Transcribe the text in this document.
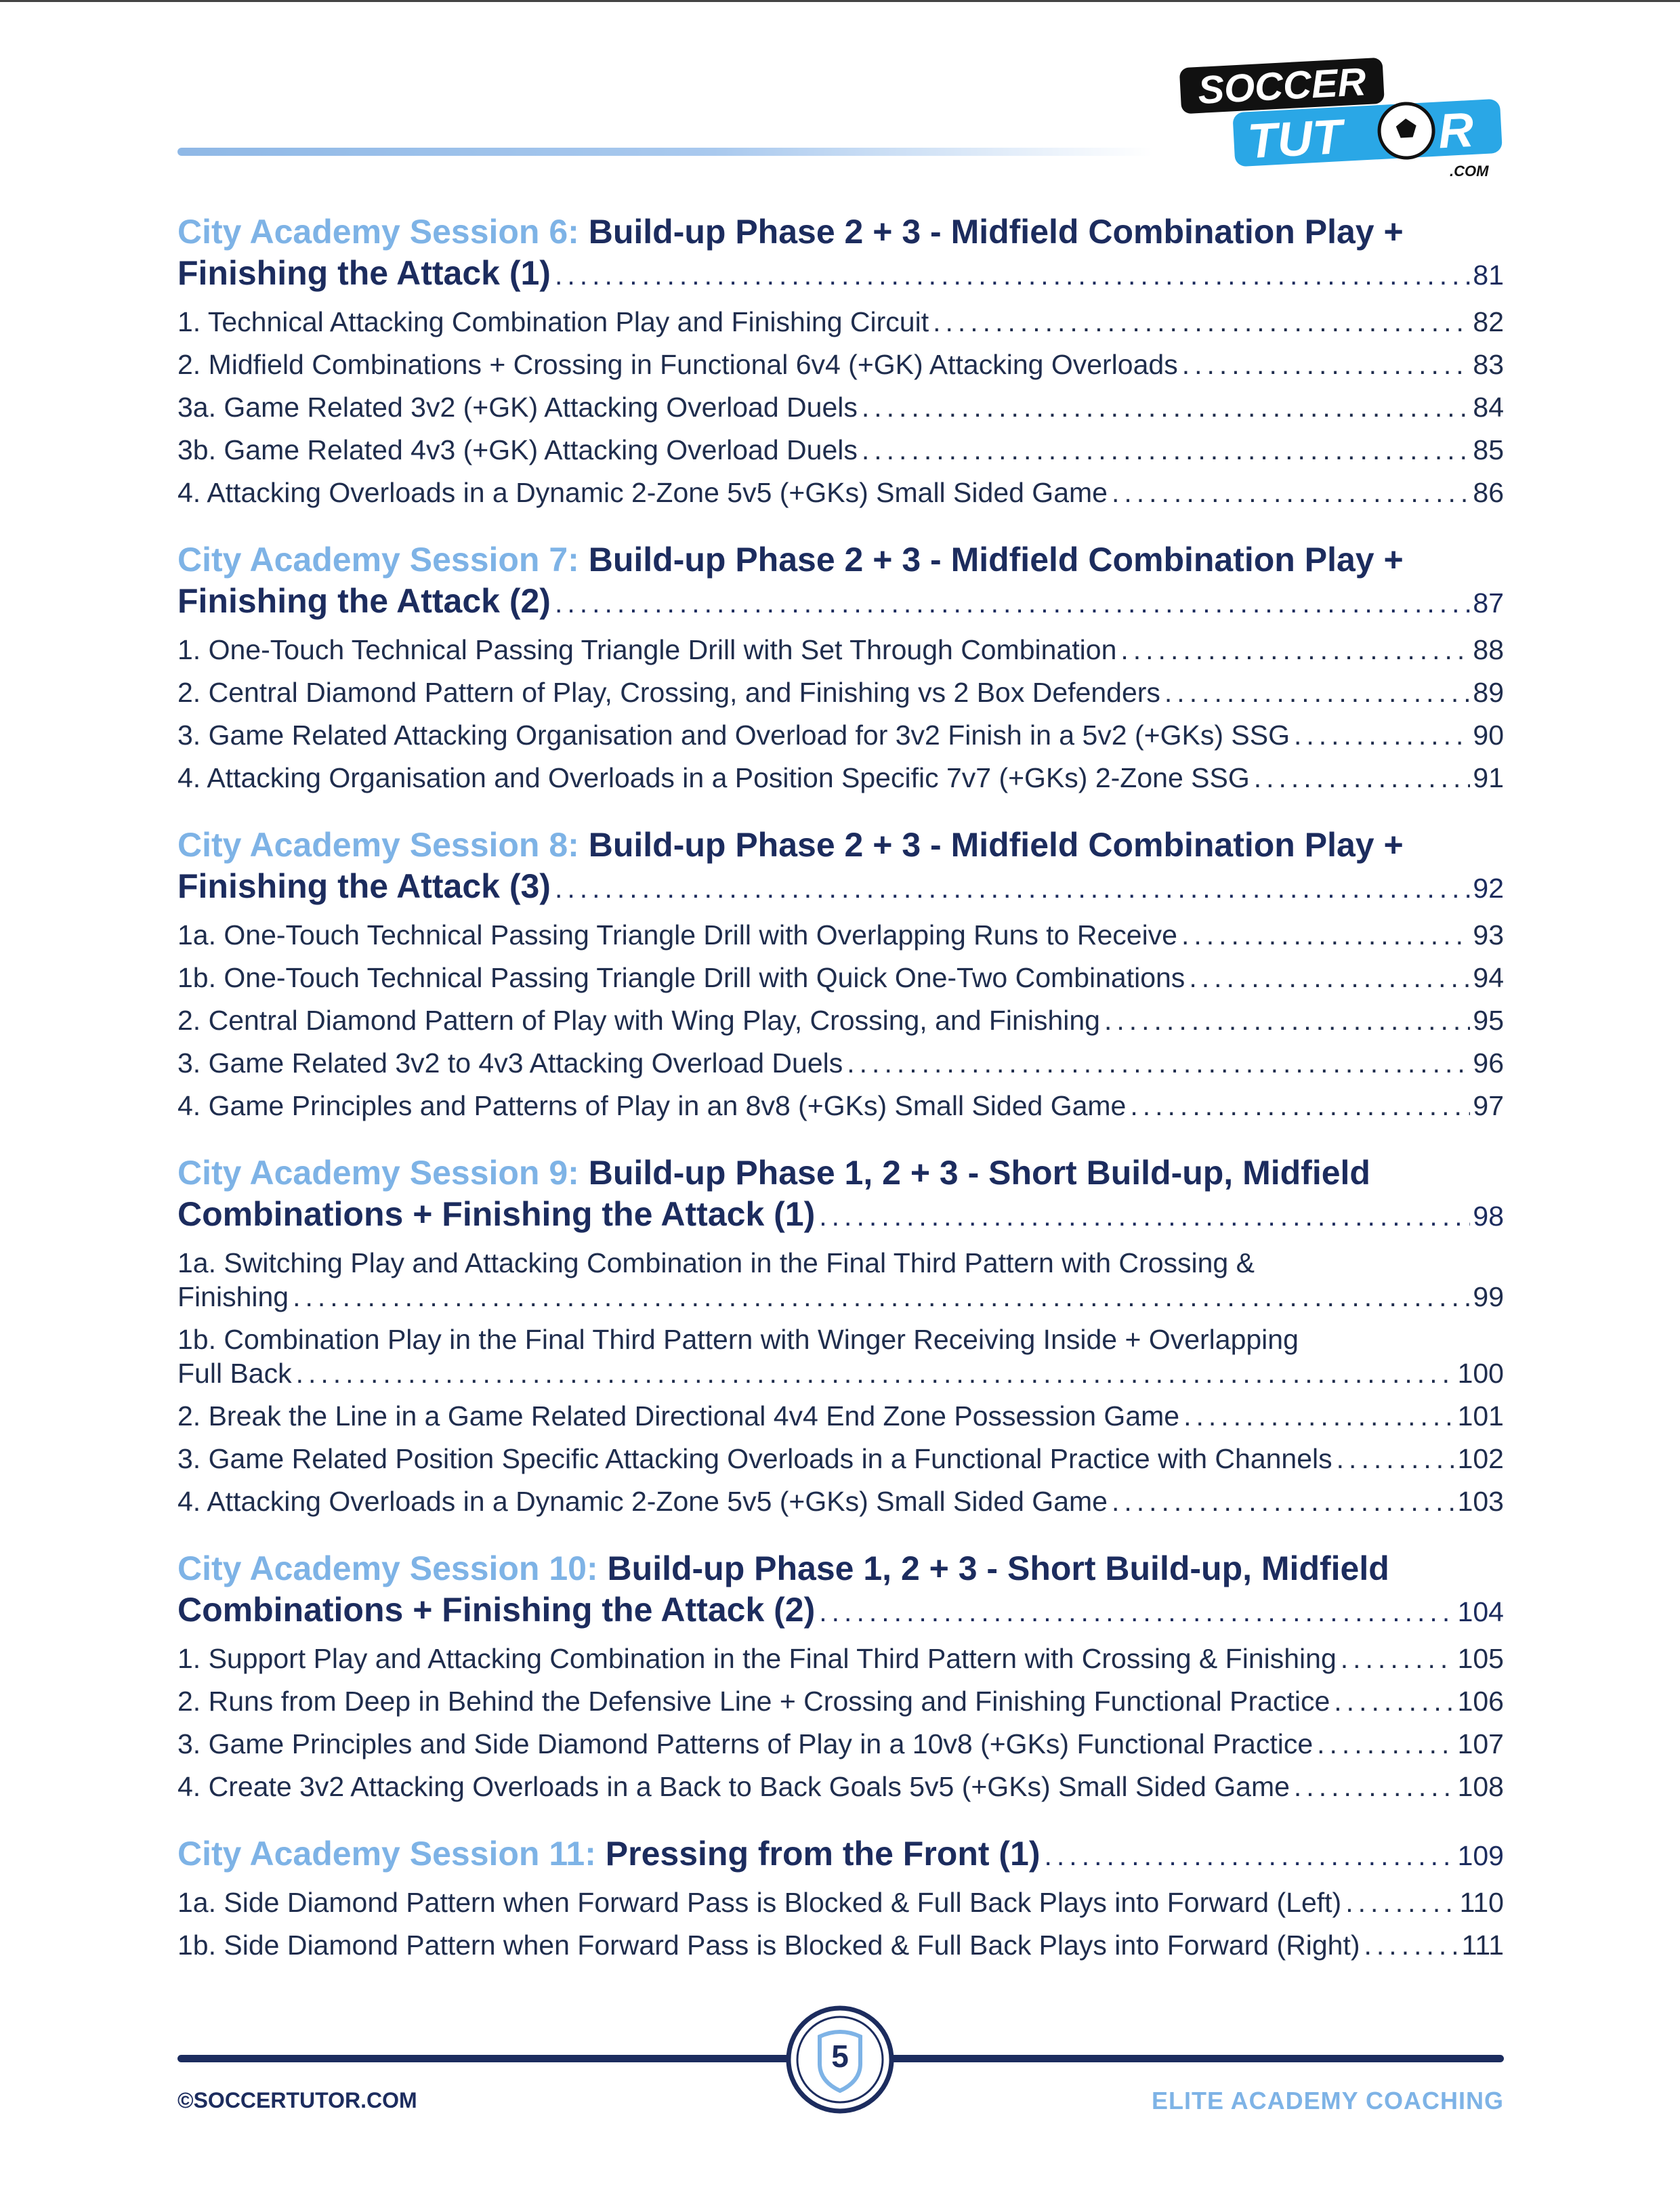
SOCCER
TUT R
.COM
City Academy Session 6: Build-up Phase 2 + 3 - Midfield Combination Play +
Finishing the Attack (1) .....	81
1. Technical Attacking Combination Play and Finishing Circuit .....	82
2. Midfield Combinations + Crossing in Functional 6v4 (+GK) Attacking Overloads .....	83
3a. Game Related 3v2 (+GK) Attacking Overload Duels .....	84
3b. Game Related 4v3 (+GK) Attacking Overload Duels .....	85
4. Attacking Overloads in a Dynamic 2-Zone 5v5 (+GKs) Small Sided Game .....	86
City Academy Session 7: Build-up Phase 2 + 3 - Midfield Combination Play +
Finishing the Attack (2) .....	87
1. One-Touch Technical Passing Triangle Drill with Set Through Combination .....	88
2. Central Diamond Pattern of Play, Crossing, and Finishing vs 2 Box Defenders .....	89
3. Game Related Attacking Organisation and Overload for 3v2 Finish in a 5v2 (+GKs) SSG .....	90
4. Attacking Organisation and Overloads in a Position Specific 7v7 (+GKs) 2-Zone SSG .....	91
City Academy Session 8: Build-up Phase 2 + 3 - Midfield Combination Play +
Finishing the Attack (3) .....	92
1a. One-Touch Technical Passing Triangle Drill with Overlapping Runs to Receive .....	93
1b. One-Touch Technical Passing Triangle Drill with Quick One-Two Combinations .....	94
2. Central Diamond Pattern of Play with Wing Play, Crossing, and Finishing .....	95
3. Game Related 3v2 to 4v3 Attacking Overload Duels .....	96
4. Game Principles and Patterns of Play in an 8v8 (+GKs) Small Sided Game .....	97
City Academy Session 9: Build-up Phase 1, 2 + 3 - Short Build-up, Midfield
Combinations + Finishing the Attack (1) .....	98
1a. Switching Play and Attacking Combination in the Final Third Pattern with Crossing &
Finishing .....	99
1b. Combination Play in the Final Third Pattern with Winger Receiving Inside + Overlapping
Full Back .....	100
2. Break the Line in a Game Related Directional 4v4 End Zone Possession Game .....	101
3. Game Related Position Specific Attacking Overloads in a Functional Practice with Channels .....	102
4. Attacking Overloads in a Dynamic 2-Zone 5v5 (+GKs) Small Sided Game .....	103
City Academy Session 10: Build-up Phase 1, 2 + 3 - Short Build-up, Midfield
Combinations + Finishing the Attack (2) .....	104
1. Support Play and Attacking Combination in the Final Third Pattern with Crossing & Finishing .....	105
2. Runs from Deep in Behind the Defensive Line + Crossing and Finishing Functional Practice .....	106
3. Game Principles and Side Diamond Patterns of Play in a 10v8 (+GKs) Functional Practice .....	107
4. Create 3v2 Attacking Overloads in a Back to Back Goals 5v5 (+GKs) Small Sided Game .....	108
City Academy Session 11: Pressing from the Front (1) .....	109
1a. Side Diamond Pattern when Forward Pass is Blocked & Full Back Plays into Forward (Left) .....	110
1b. Side Diamond Pattern when Forward Pass is Blocked & Full Back Plays into Forward (Right) .....	111
5
©SOCCERTUTOR.COM	ELITE ACADEMY COACHING
